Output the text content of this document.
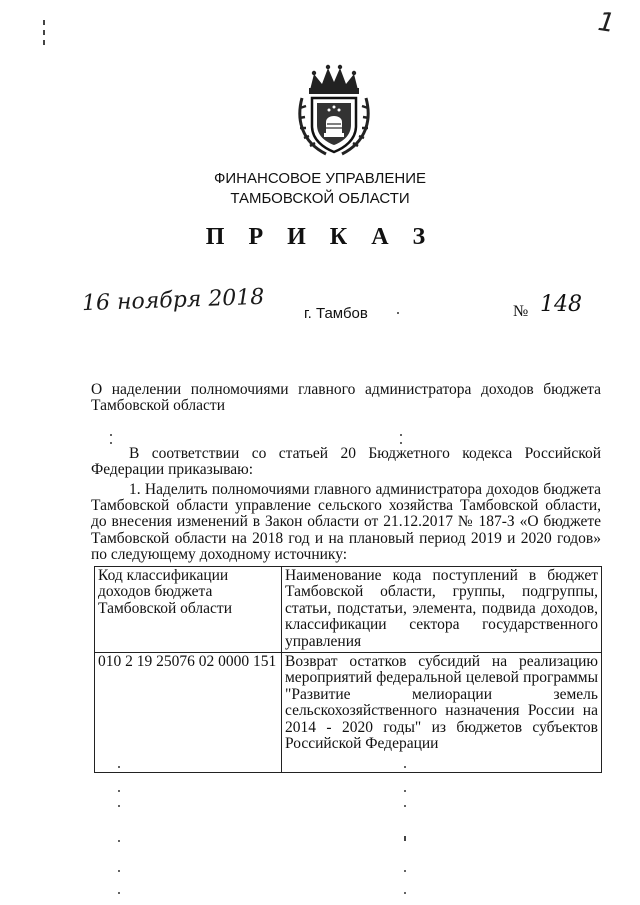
1
ФИНАНСОВОЕ УПРАВЛЕНИЕ
ТАМБОВСКОЙ ОБЛАСТИ
П Р И К А З
16 ноября 2018	г. Тамбов	№ 148
О наделении полномочиями главного администратора доходов бюджета Тамбовской области
В соответствии со статьей 20 Бюджетного кодекса Российской Федерации приказываю:
1. Наделить полномочиями главного администратора доходов бюджета Тамбовской области управление сельского хозяйства Тамбовской области, до внесения изменений в Закон области от 21.12.2017 № 187-З «О бюджете Тамбовской области на 2018 год и на плановый период 2019 и 2020 годов» по следующему доходному источнику:
Код классификации доходов бюджета Тамбовской области	Наименование кода поступлений в бюджет Тамбовской области, группы, подгруппы, статьи, подстатьи, элемента, подвида доходов, классификации сектора государственного управления
010 2 19 25076 02 0000 151	Возврат остатков субсидий на реализацию мероприятий федеральной целевой программы "Развитие мелиорации земель сельскохозяйственного назначения России на 2014 - 2020 годы" из бюджетов субъектов Российской Федерации
